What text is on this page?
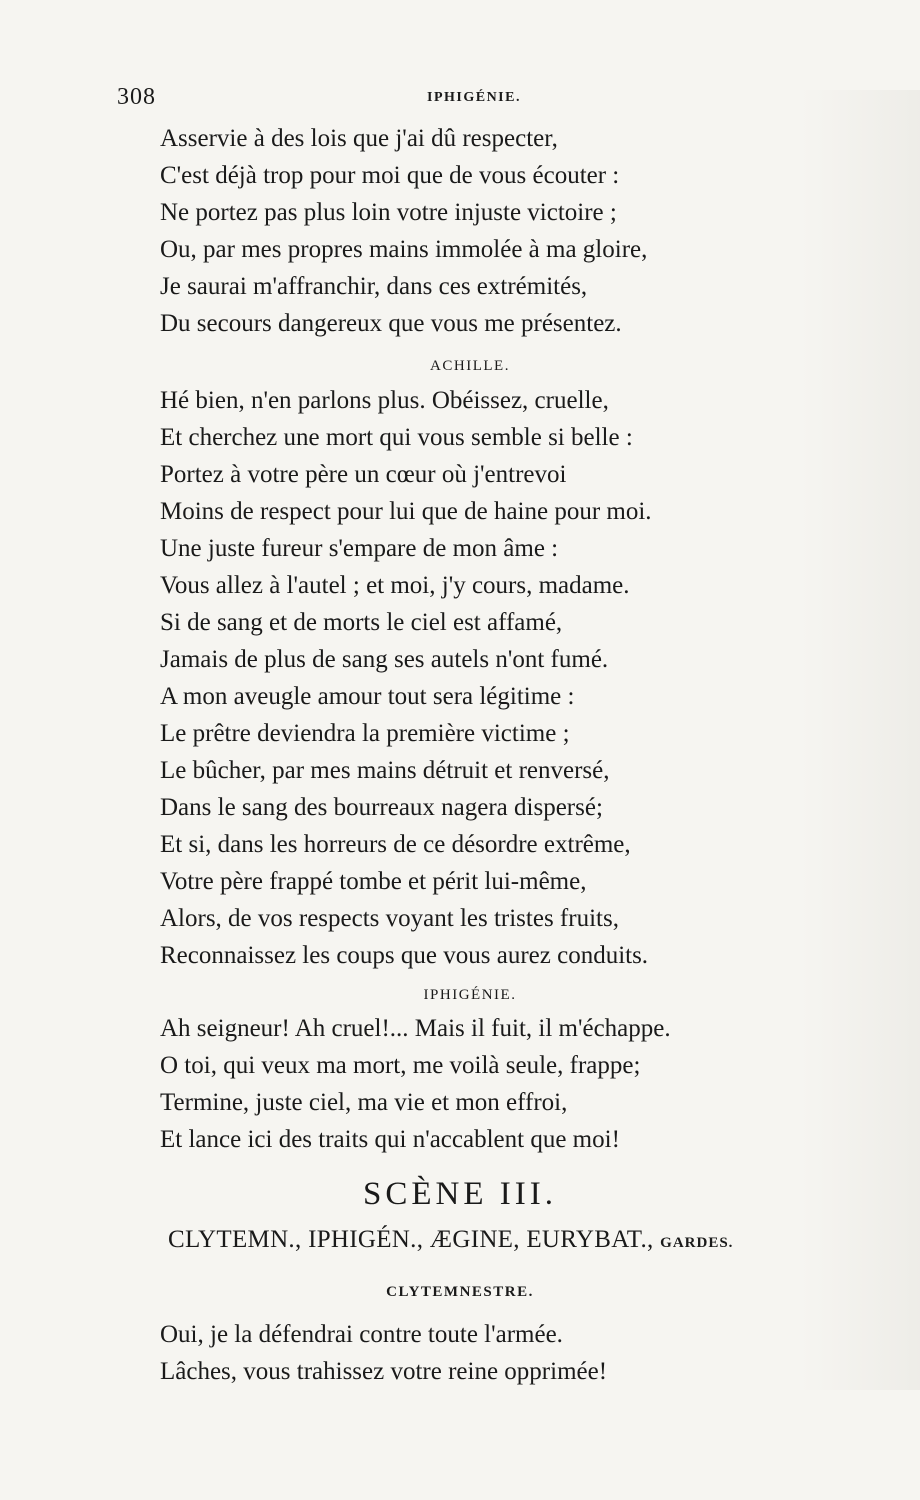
308	IPHIGÉNIE.
Asservie à des lois que j'ai dû respecter,
C'est déjà trop pour moi que de vous écouter :
Ne portez pas plus loin votre injuste victoire ;
Ou, par mes propres mains immolée à ma gloire,
Je saurai m'affranchir, dans ces extrémités,
Du secours dangereux que vous me présentez.
ACHILLE.
Hé bien, n'en parlons plus. Obéissez, cruelle,
Et cherchez une mort qui vous semble si belle :
Portez à votre père un cœur où j'entrevoi
Moins de respect pour lui que de haine pour moi.
Une juste fureur s'empare de mon âme :
Vous allez à l'autel ; et moi, j'y cours, madame.
Si de sang et de morts le ciel est affamé,
Jamais de plus de sang ses autels n'ont fumé.
A mon aveugle amour tout sera légitime :
Le prêtre deviendra la première victime ;
Le bûcher, par mes mains détruit et renversé,
Dans le sang des bourreaux nagera dispersé;
Et si, dans les horreurs de ce désordre extrême,
Votre père frappé tombe et périt lui-même,
Alors, de vos respects voyant les tristes fruits,
Reconnaissez les coups que vous aurez conduits.
IPHIGÉNIE.
Ah seigneur! Ah cruel!... Mais il fuit, il m'échappe.
O toi, qui veux ma mort, me voilà seule, frappe;
Termine, juste ciel, ma vie et mon effroi,
Et lance ici des traits qui n'accablent que moi!
SCÈNE III.
CLYTEMN., IPHIGÉN., ÆGINE, EURYBAT., GARDES.
CLYTEMNESTRE.
Oui, je la défendrai contre toute l'armée.
Lâches, vous trahissez votre reine opprimée!
